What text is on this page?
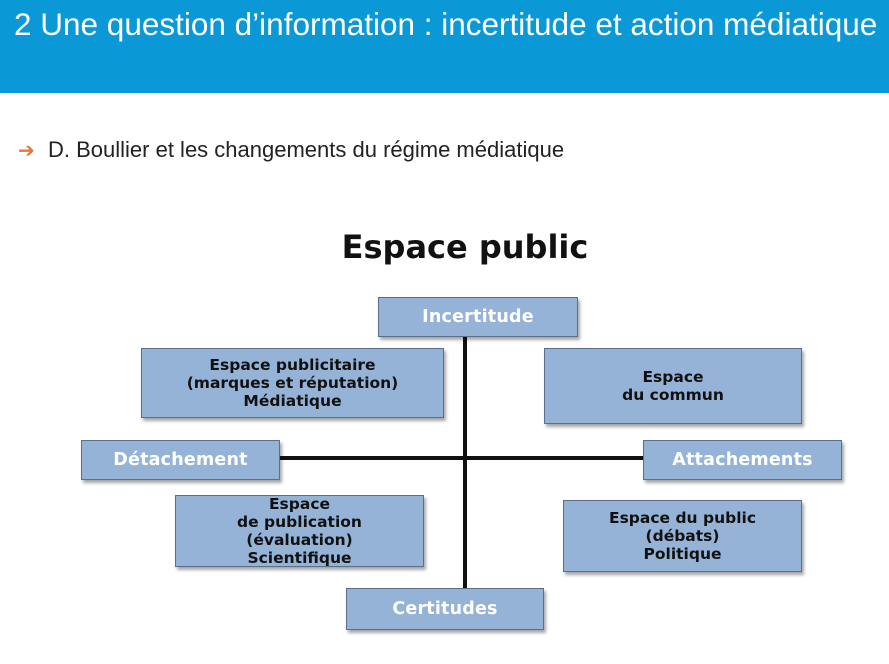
2 Une question d’information : incertitude et action médiatique
➔ D. Boullier et les changements du régime médiatique
Espace public
Incertitude
Certitudes
Détachement	Attachements
Espace publicitaire
(marques et réputation)
Médiatique
Espace
du commun
Espace
de publication
(évaluation)
Scientifique
Espace du public
(débats)
Politique
